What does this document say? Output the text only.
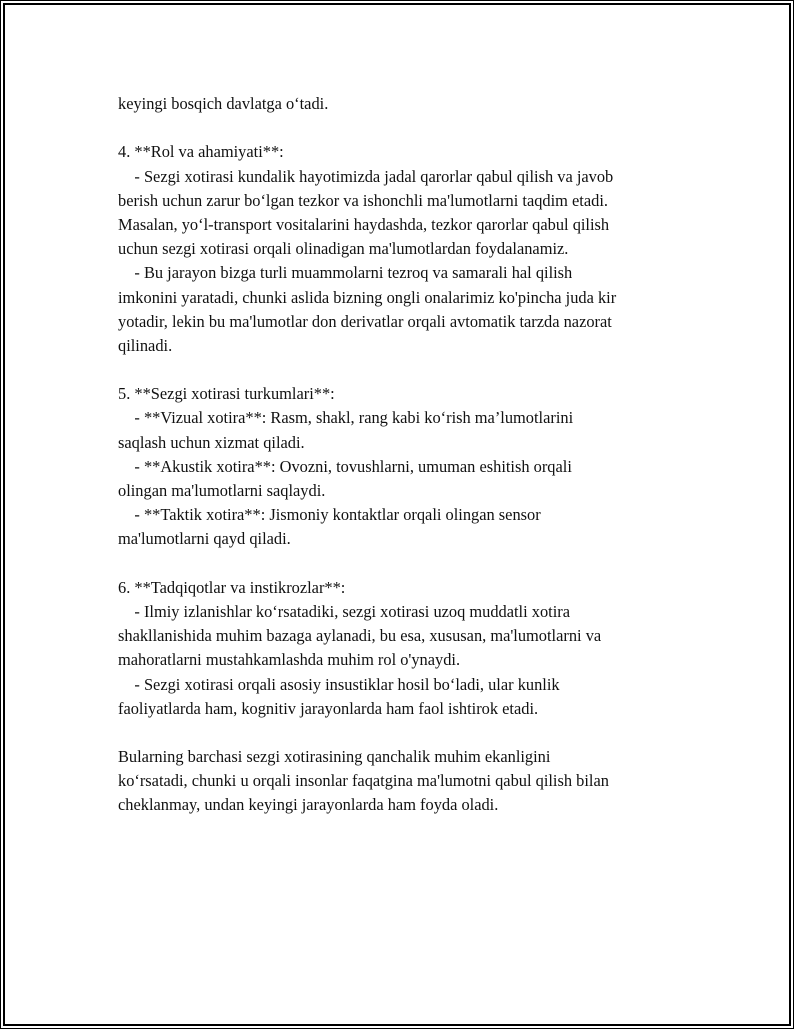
keyingi bosqich davlatga o‘tadi.
4. **Rol va ahamiyati**:
- Sezgi xotirasi kundalik hayotimizda jadal qarorlar qabul qilish va javob
berish uchun zarur bo‘lgan tezkor va ishonchli ma'lumotlarni taqdim etadi.
Masalan, yo‘l-transport vositalarini haydashda, tezkor qarorlar qabul qilish
uchun sezgi xotirasi orqali olinadigan ma'lumotlardan foydalanamiz.
- Bu jarayon bizga turli muammolarni tezroq va samarali hal qilish
imkonini yaratadi, chunki aslida bizning ongli onalarimiz ko'pincha juda kir
yotadir, lekin bu ma'lumotlar don derivatlar orqali avtomatik tarzda nazorat
qilinadi.
5. **Sezgi xotirasi turkumlari**:
- **Vizual xotira**: Rasm, shakl, rang kabi ko‘rish ma’lumotlarini
saqlash uchun xizmat qiladi.
- **Akustik xotira**: Ovozni, tovushlarni, umuman eshitish orqali
olingan ma'lumotlarni saqlaydi.
- **Taktik xotira**: Jismoniy kontaktlar orqali olingan sensor
ma'lumotlarni qayd qiladi.
6. **Tadqiqotlar va instikrozlar**:
- Ilmiy izlanishlar ko‘rsatadiki, sezgi xotirasi uzoq muddatli xotira
shakllanishida muhim bazaga aylanadi, bu esa, xususan, ma'lumotlarni va
mahoratlarni mustahkamlashda muhim rol o'ynaydi.
- Sezgi xotirasi orqali asosiy insustiklar hosil bo‘ladi, ular kunlik
faoliyatlarda ham, kognitiv jarayonlarda ham faol ishtirok etadi.
Bularning barchasi sezgi xotirasining qanchalik muhim ekanligini
ko‘rsatadi, chunki u orqali insonlar faqatgina ma'lumotni qabul qilish bilan
cheklanmay, undan keyingi jarayonlarda ham foyda oladi.
